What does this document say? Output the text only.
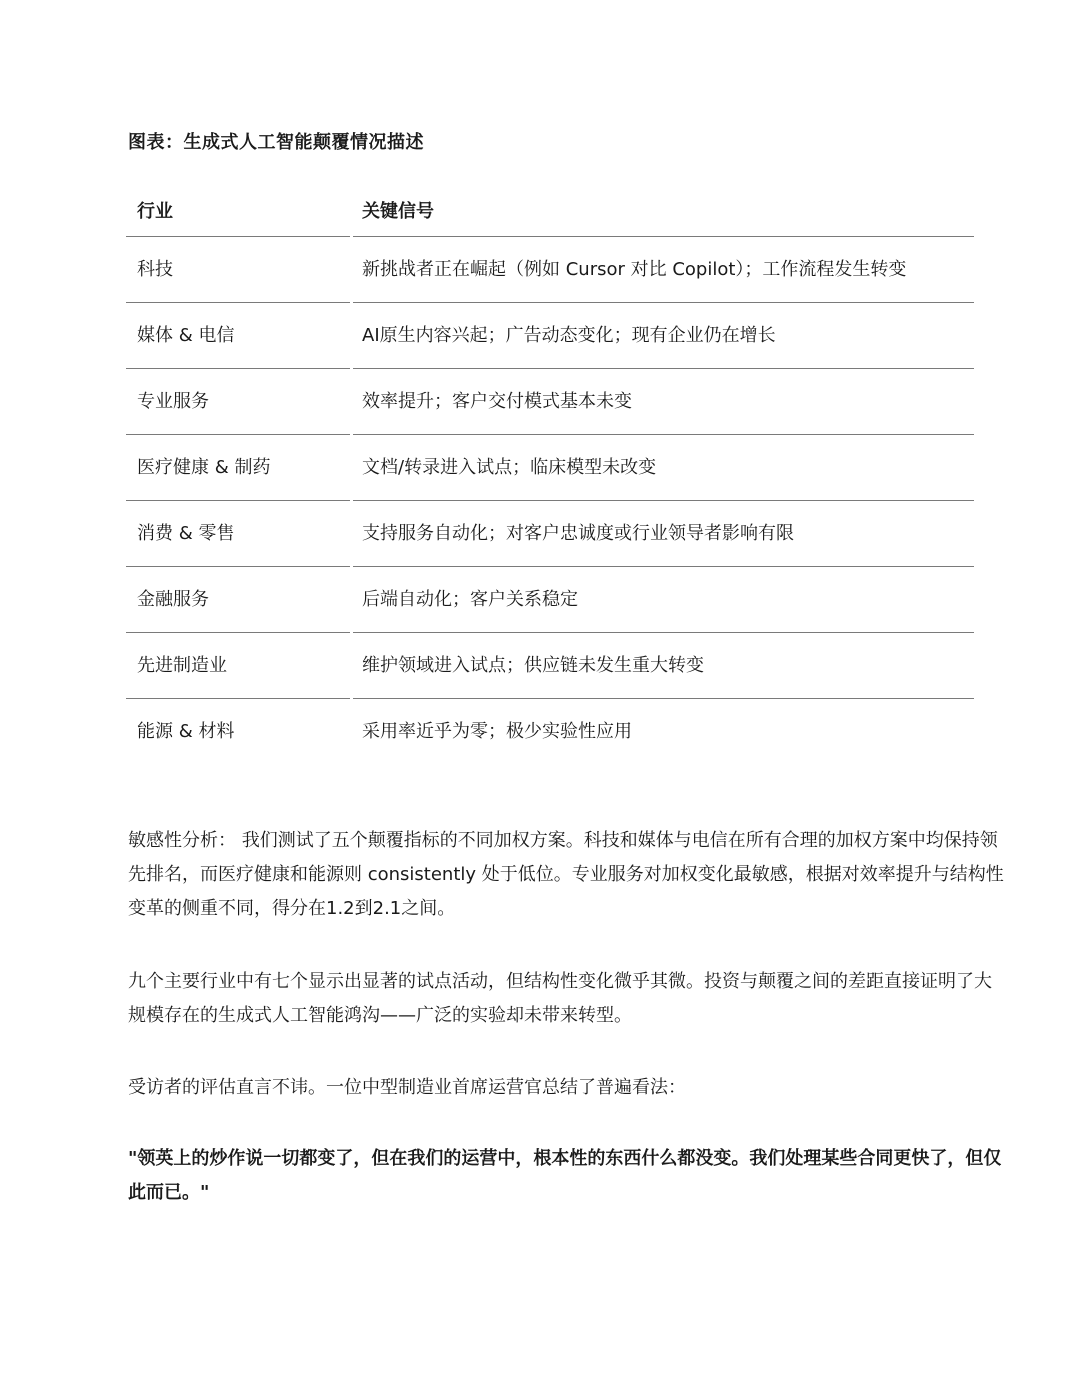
图表：生成式人工智能颠覆情况描述
行业	关键信号
科技	新挑战者正在崛起（例如 Cursor 对比 Copilot）；工作流程发生转变
媒体 & 电信	AI原生内容兴起；广告动态变化；现有企业仍在增长
专业服务	效率提升；客户交付模式基本未变
医疗健康 & 制药	文档/转录进入试点；临床模型未改变
消费 & 零售	支持服务自动化；对客户忠诚度或行业领导者影响有限
金融服务	后端自动化；客户关系稳定
先进制造业	维护领域进入试点；供应链未发生重大转变
能源 & 材料	采用率近乎为零；极少实验性应用

敏感性分析： 我们测试了五个颠覆指标的不同加权方案。科技和媒体与电信在所有合理的加权方案中均保持领先排名，而医疗健康和能源则 consistently 处于低位。专业服务对加权变化最敏感，根据对效率提升与结构性变革的侧重不同，得分在1.2到2.1之间。

九个主要行业中有七个显示出显著的试点活动，但结构性变化微乎其微。投资与颠覆之间的差距直接证明了大规模存在的生成式人工智能鸿沟——广泛的实验却未带来转型。

受访者的评估直言不讳。一位中型制造业首席运营官总结了普遍看法：

"领英上的炒作说一切都变了，但在我们的运营中，根本性的东西什么都没变。我们处理某些合同更快了，但仅此而已。"
